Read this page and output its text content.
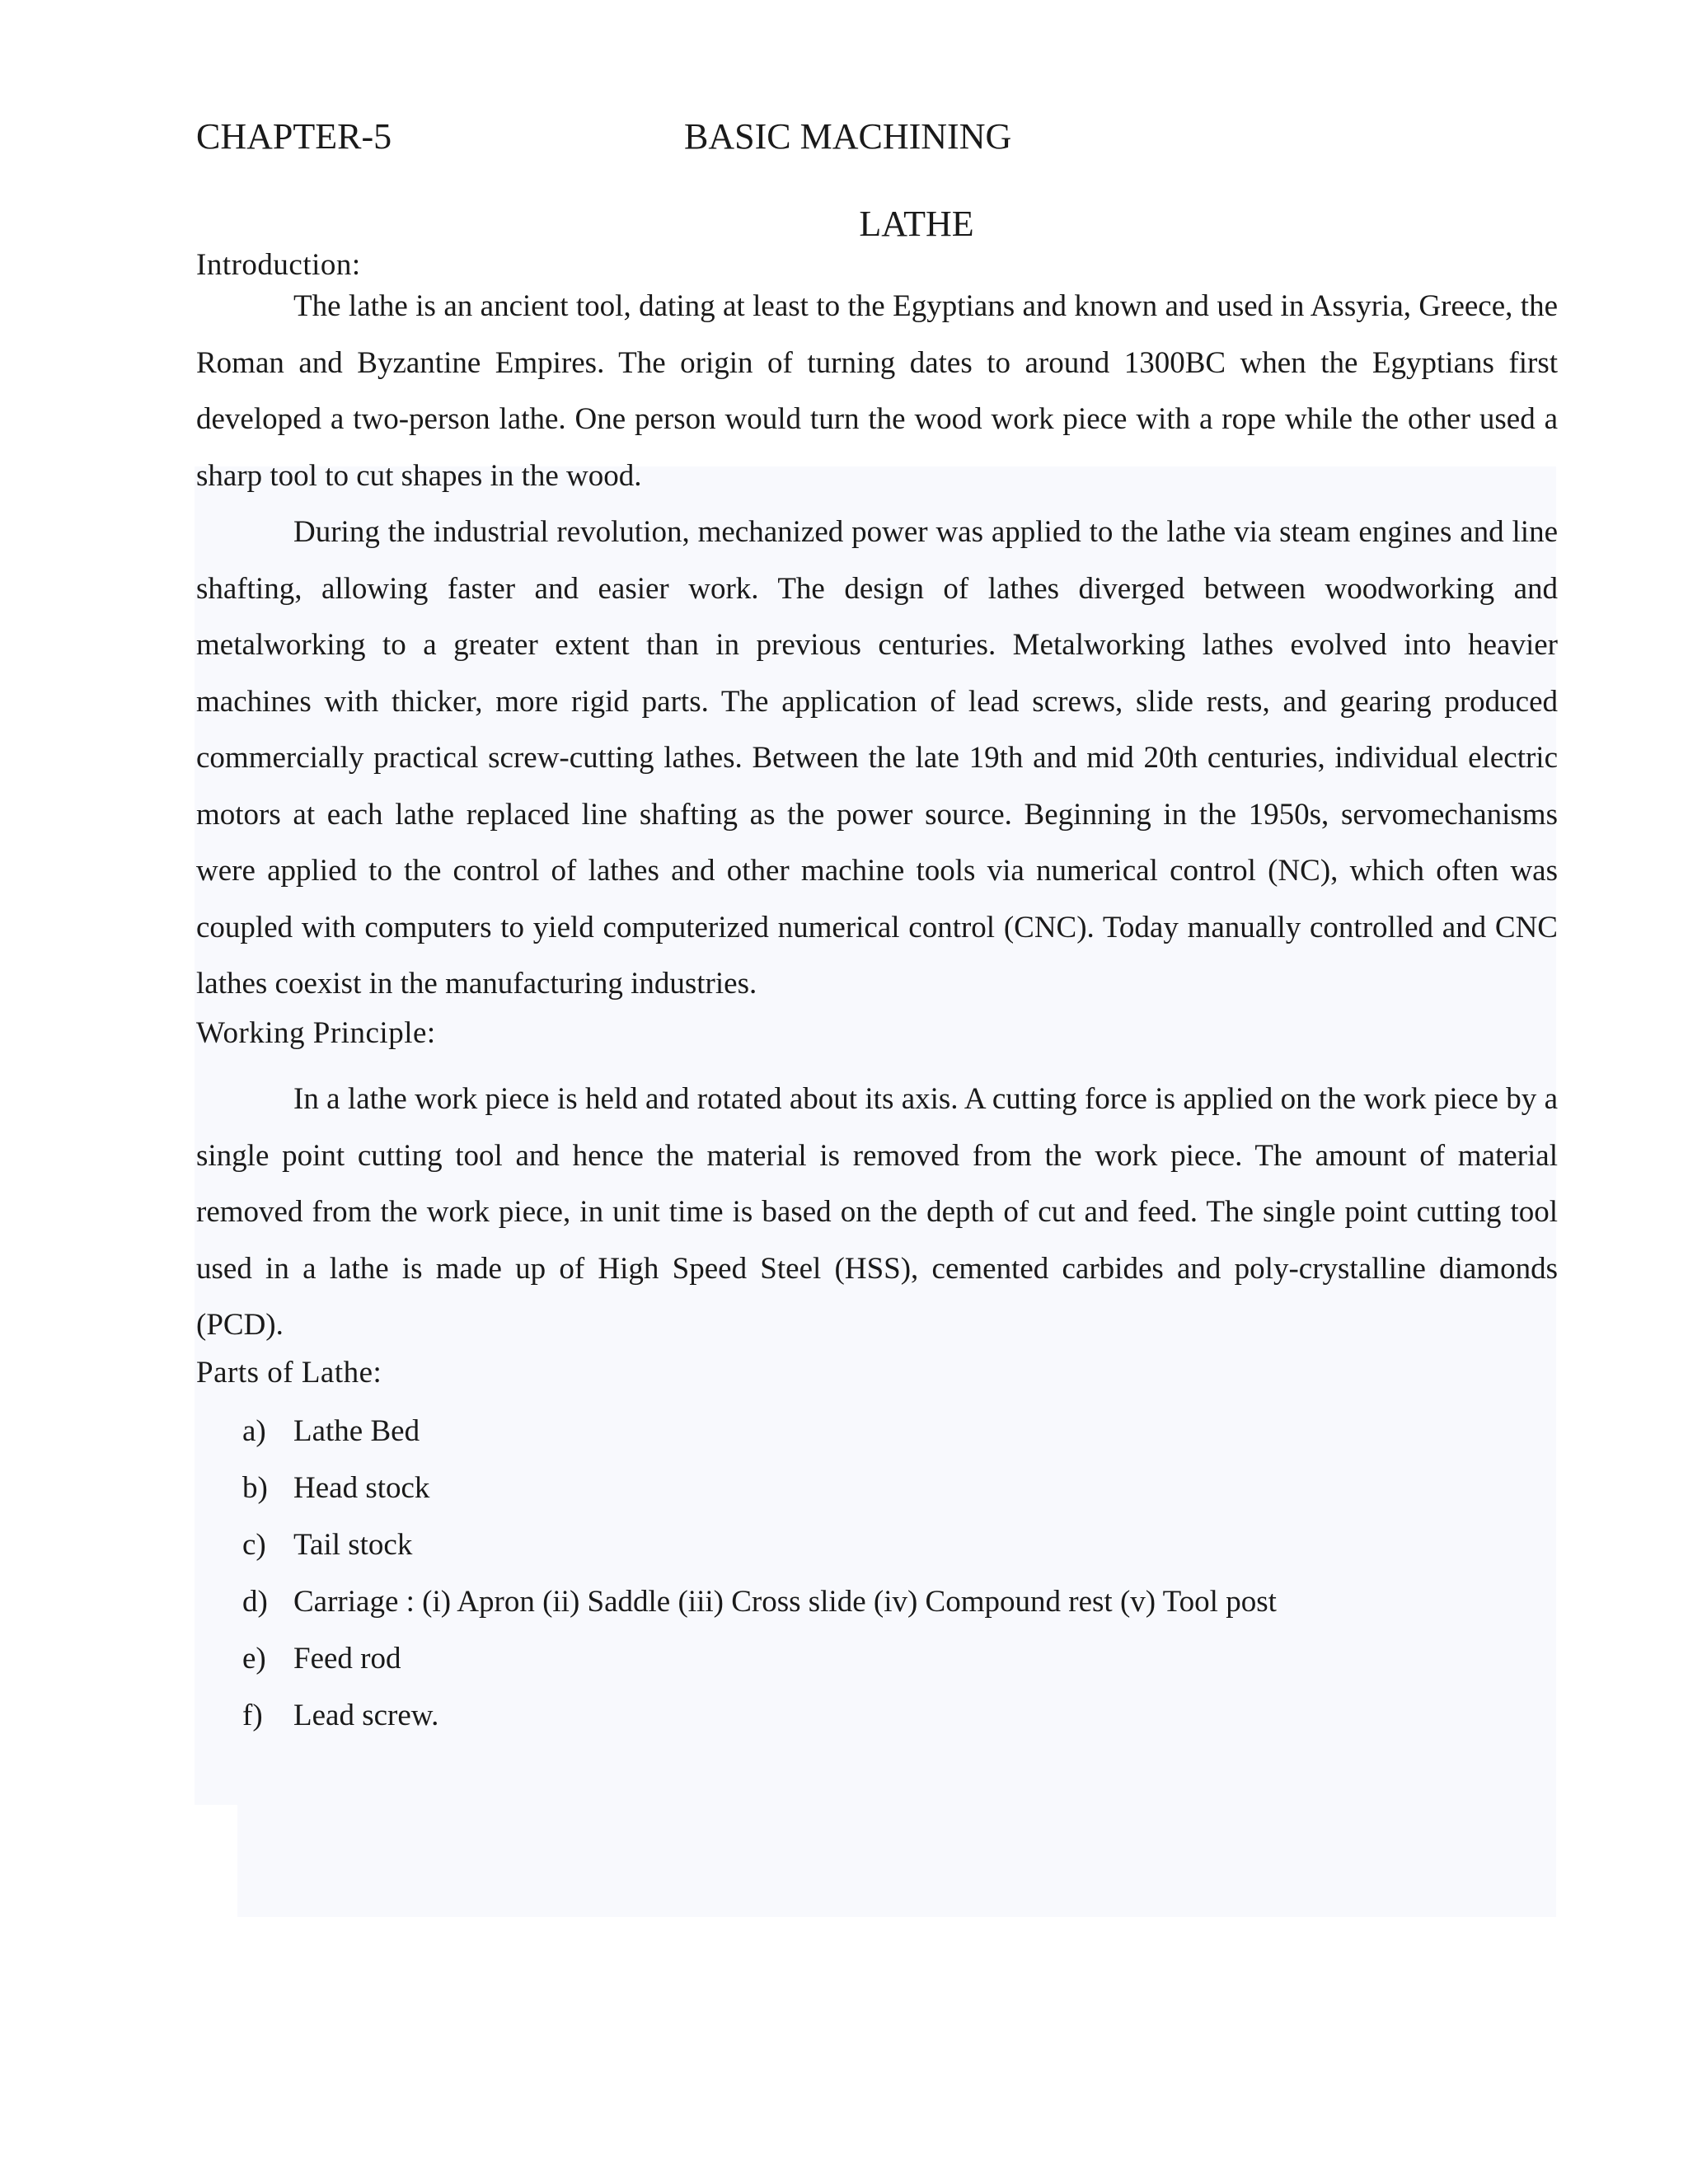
CHAPTER-5	BASIC MACHINING
LATHE
Introduction:

The lathe is an ancient tool, dating at least to the Egyptians and known and used in Assyria, Greece, the Roman and Byzantine Empires. The origin of turning dates to around 1300BC when the Egyptians first developed a two-person lathe. One person would turn the wood work piece with a rope while the other used a sharp tool to cut shapes in the wood.

During the industrial revolution, mechanized power was applied to the lathe via steam engines and line shafting, allowing faster and easier work. The design of lathes diverged between woodworking and metalworking to a greater extent than in previous centuries. Metalworking lathes evolved into heavier machines with thicker, more rigid parts. The application of lead screws, slide rests, and gearing produced commercially practical screw-cutting lathes. Between the late 19th and mid 20th centuries, individual electric motors at each lathe replaced line shafting as the power source. Beginning in the 1950s, servomechanisms were applied to the control of lathes and other machine tools via numerical control (NC), which often was coupled with computers to yield computerized numerical control (CNC). Today manually controlled and CNC lathes coexist in the manufacturing industries.

Working Principle:

In a lathe work piece is held and rotated about its axis. A cutting force is applied on the work piece by a single point cutting tool and hence the material is removed from the work piece. The amount of material removed from the work piece, in unit time is based on the depth of cut and feed. The single point cutting tool used in a lathe is made up of High Speed Steel (HSS), cemented carbides and poly-crystalline diamonds (PCD).

Parts of Lathe:
a) Lathe Bed
b) Head stock
c) Tail stock
d) Carriage : (i) Apron (ii) Saddle (iii) Cross slide (iv) Compound rest (v) Tool post
e) Feed rod
f) Lead screw.
